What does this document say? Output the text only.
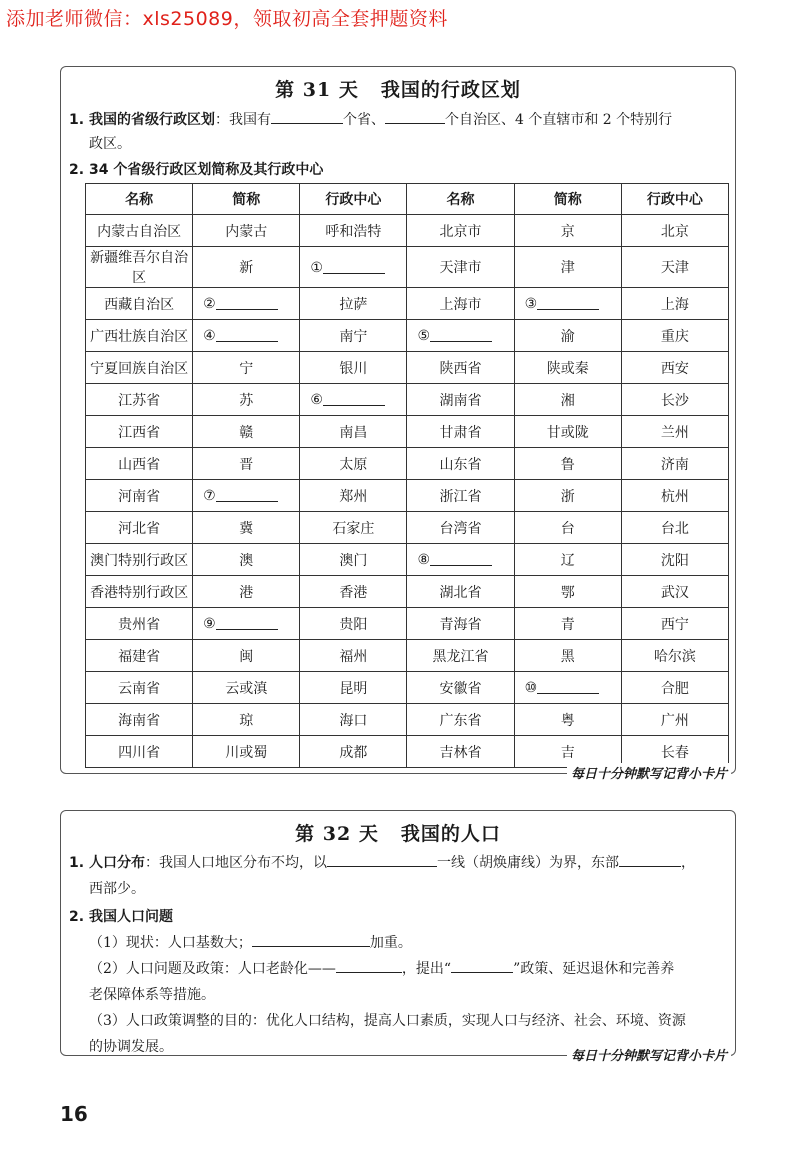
添加老师微信：xls25089，领取初高全套押题资料
第 31 天 我国的行政区划
1. 我国的省级行政区划：我国有	个省、	个自治区、4 个直辖市和 2 个特别行
政区。
2. 34 个省级行政区划简称及其行政中心
名称	简称	行政中心	名称	简称	行政中心
内蒙古自治区	内蒙古	呼和浩特	北京市	京	北京
新疆维吾尔自治区	新	①	天津市	津	天津
西藏自治区	②	拉萨	上海市	③	上海
广西壮族自治区	④	南宁	⑤	渝	重庆
宁夏回族自治区	宁	银川	陕西省	陕或秦	西安
江苏省	苏	⑥	湖南省	湘	长沙
江西省	赣	南昌	甘肃省	甘或陇	兰州
山西省	晋	太原	山东省	鲁	济南
河南省	⑦	郑州	浙江省	浙	杭州
河北省	冀	石家庄	台湾省	台	台北
澳门特别行政区	澳	澳门	⑧	辽	沈阳
香港特别行政区	港	香港	湖北省	鄂	武汉
贵州省	⑨	贵阳	青海省	青	西宁
福建省	闽	福州	黑龙江省	黑	哈尔滨
云南省	云或滇	昆明	安徽省	⑩	合肥
海南省	琼	海口	广东省	粤	广州
四川省	川或蜀	成都	吉林省	吉	长春
每日十分钟默写记背小卡片
第 32 天 我国的人口
1. 人口分布：我国人口地区分布不均，以	一线（胡焕庸线）为界，东部	，
西部少。
2. 我国人口问题
（1）现状：人口基数大；	加重。
（2）人口问题及政策：人口老龄化——	，提出“	”政策、延迟退休和完善养
老保障体系等措施。
（3）人口政策调整的目的：优化人口结构，提高人口素质，实现人口与经济、社会、环境、资源
的协调发展。
每日十分钟默写记背小卡片
16
